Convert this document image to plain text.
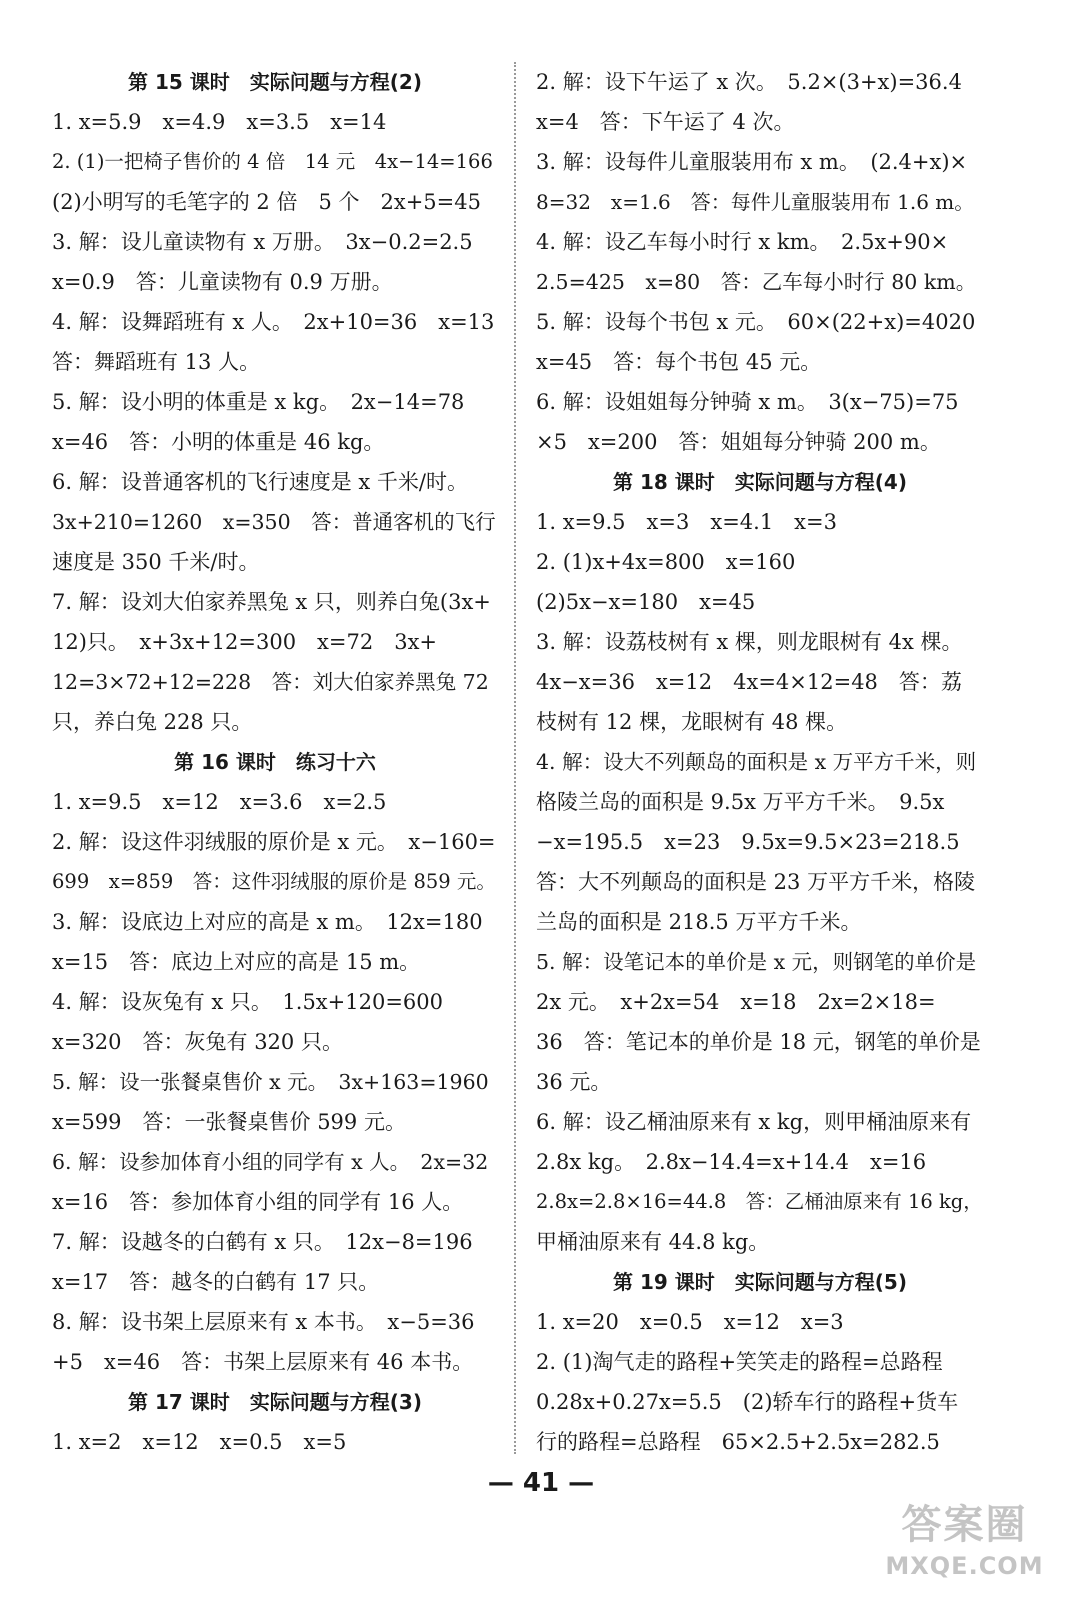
第 15 课时　实际问题与方程(2)
1. x=5.9　x=4.9　x=3.5　x=14
2. (1)一把椅子售价的 4 倍　14 元　4x−14=166
(2)小明写的毛笔字的 2 倍　5 个　2x+5=45
3. 解：设儿童读物有 x 万册。　3x−0.2=2.5
x=0.9　答：儿童读物有 0.9 万册。
4. 解：设舞蹈班有 x 人。　2x+10=36　x=13
答：舞蹈班有 13 人。
5. 解：设小明的体重是 x kg。　2x−14=78
x=46　答：小明的体重是 46 kg。
6. 解：设普通客机的飞行速度是 x 千米/时。
3x+210=1260　x=350　答：普通客机的飞行
速度是 350 千米/时。
7. 解：设刘大伯家养黑兔 x 只，则养白兔(3x+
12)只。　x+3x+12=300　x=72　3x+
12=3×72+12=228　答：刘大伯家养黑兔 72
只，养白兔 228 只。
第 16 课时　练习十六
1. x=9.5　x=12　x=3.6　x=2.5
2. 解：设这件羽绒服的原价是 x 元。　x−160=
699　x=859　答：这件羽绒服的原价是 859 元。
3. 解：设底边上对应的高是 x m。　12x=180
x=15　答：底边上对应的高是 15 m。
4. 解：设灰兔有 x 只。　1.5x+120=600
x=320　答：灰兔有 320 只。
5. 解：设一张餐桌售价 x 元。　3x+163=1960
x=599　答：一张餐桌售价 599 元。
6. 解：设参加体育小组的同学有 x 人。　2x=32
x=16　答：参加体育小组的同学有 16 人。
7. 解：设越冬的白鹤有 x 只。　12x−8=196
x=17　答：越冬的白鹤有 17 只。
8. 解：设书架上层原来有 x 本书。　x−5=36
+5　x=46　答：书架上层原来有 46 本书。
第 17 课时　实际问题与方程(3)
1. x=2　x=12　x=0.5　x=5
2. 解：设下午运了 x 次。　5.2×(3+x)=36.4
x=4　答：下午运了 4 次。
3. 解：设每件儿童服装用布 x m。　(2.4+x)×
8=32　x=1.6　答：每件儿童服装用布 1.6 m。
4. 解：设乙车每小时行 x km。　2.5x+90×
2.5=425　x=80　答：乙车每小时行 80 km。
5. 解：设每个书包 x 元。　60×(22+x)=4020
x=45　答：每个书包 45 元。
6. 解：设姐姐每分钟骑 x m。　3(x−75)=75
×5　x=200　答：姐姐每分钟骑 200 m。
第 18 课时　实际问题与方程(4)
1. x=9.5　x=3　x=4.1　x=3
2. (1)x+4x=800　x=160
(2)5x−x=180　x=45
3. 解：设荔枝树有 x 棵，则龙眼树有 4x 棵。
4x−x=36　x=12　4x=4×12=48　答：荔
枝树有 12 棵，龙眼树有 48 棵。
4. 解：设大不列颠岛的面积是 x 万平方千米，则
格陵兰岛的面积是 9.5x 万平方千米。　9.5x
−x=195.5　x=23　9.5x=9.5×23=218.5
答：大不列颠岛的面积是 23 万平方千米，格陵
兰岛的面积是 218.5 万平方千米。
5. 解：设笔记本的单价是 x 元，则钢笔的单价是
2x 元。　x+2x=54　x=18　2x=2×18=
36　答：笔记本的单价是 18 元，钢笔的单价是
36 元。
6. 解：设乙桶油原来有 x kg，则甲桶油原来有
2.8x kg。　2.8x−14.4=x+14.4　x=16
2.8x=2.8×16=44.8　答：乙桶油原来有 16 kg，
甲桶油原来有 44.8 kg。
第 19 课时　实际问题与方程(5)
1. x=20　x=0.5　x=12　x=3
2. (1)淘气走的路程+笑笑走的路程=总路程
0.28x+0.27x=5.5　(2)轿车行的路程+货车
行的路程=总路程　65×2.5+2.5x=282.5
— 41 —
答案圈
MXQE.COM
